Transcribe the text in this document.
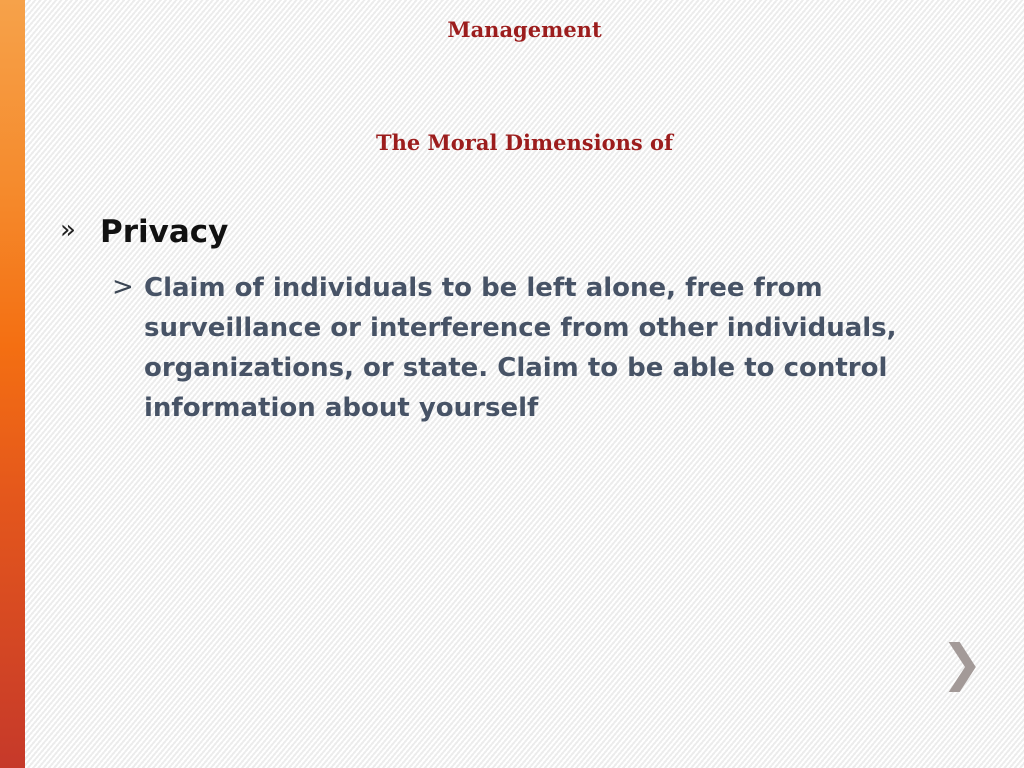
Management
The Moral Dimensions of
» Privacy
> Claim of individuals to be left alone, free from surveillance or interference from other individuals, organizations, or state. Claim to be able to control information about yourself
❯
